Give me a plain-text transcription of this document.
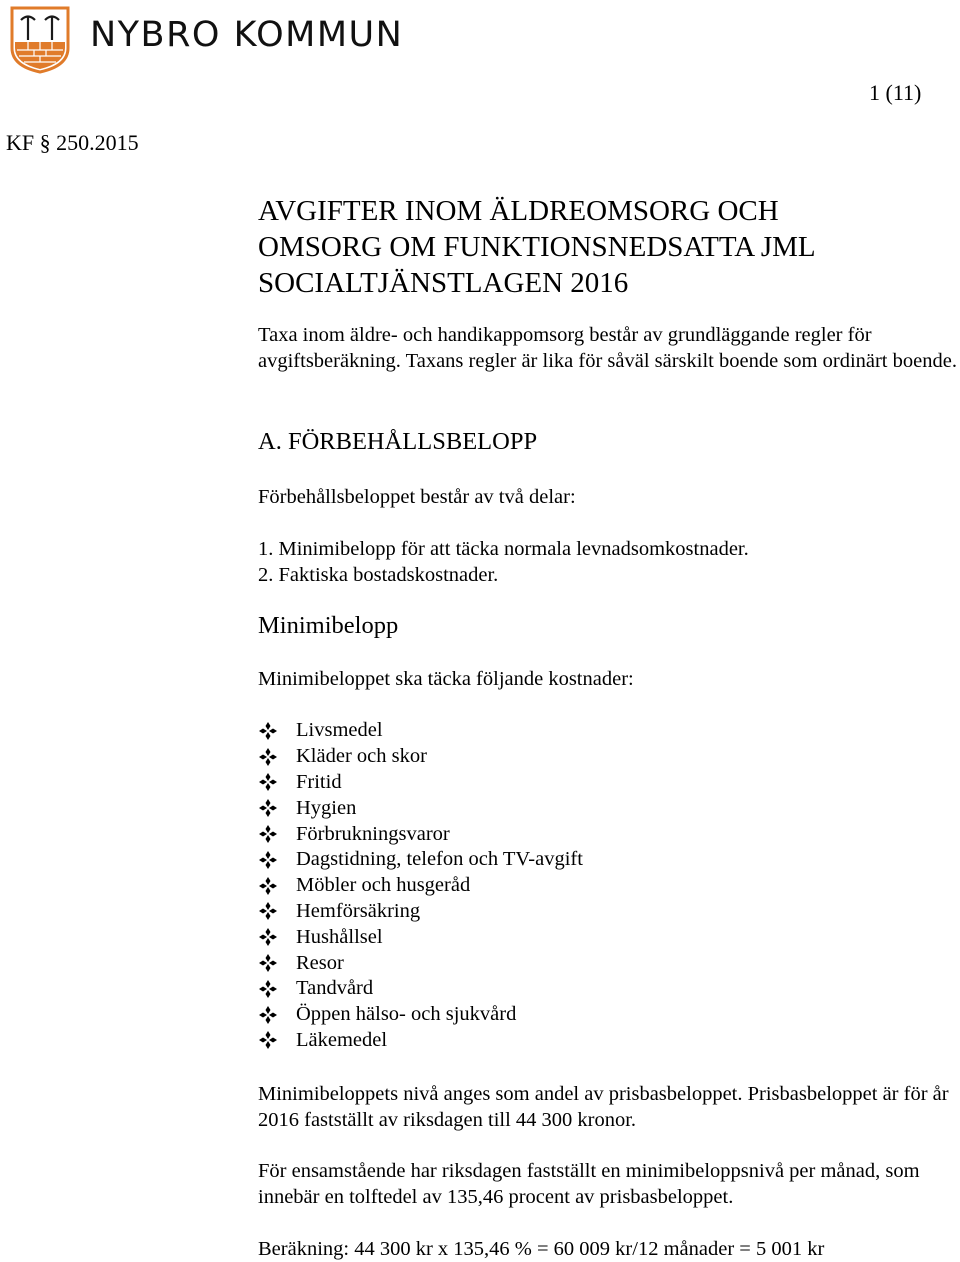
NYBRO KOMMUN
1 (11)
KF § 250.2015
AVGIFTER INOM ÄLDREOMSORG OCH
OMSORG OM FUNKTIONSNEDSATTA JML
SOCIALTJÄNSTLAGEN 2016
Taxa inom äldre- och handikappomsorg består av grundläggande regler för avgiftsberäkning. Taxans regler är lika för såväl särskilt boende som ordinärt boende.
A. FÖRBEHÅLLSBELOPP
Förbehållsbeloppet består av två delar:
1. Minimibelopp för att täcka normala levnadsomkostnader.
2. Faktiska bostadskostnader.
Minimibelopp
Minimibeloppet ska täcka följande kostnader:
Livsmedel
Kläder och skor
Fritid
Hygien
Förbrukningsvaror
Dagstidning, telefon och TV-avgift
Möbler och husgeråd
Hemförsäkring
Hushållsel
Resor
Tandvård
Öppen hälso- och sjukvård
Läkemedel
Minimibeloppets nivå anges som andel av prisbasbeloppet. Prisbasbeloppet är för år 2016 fastställt av riksdagen till 44 300 kronor.
För ensamstående har riksdagen fastställt en minimibeloppsnivå per månad, som innebär en tolftedel av 135,46 procent av prisbasbeloppet.
Beräkning: 44 300 kr x 135,46 % = 60 009 kr/12 månader = 5 001 kr
